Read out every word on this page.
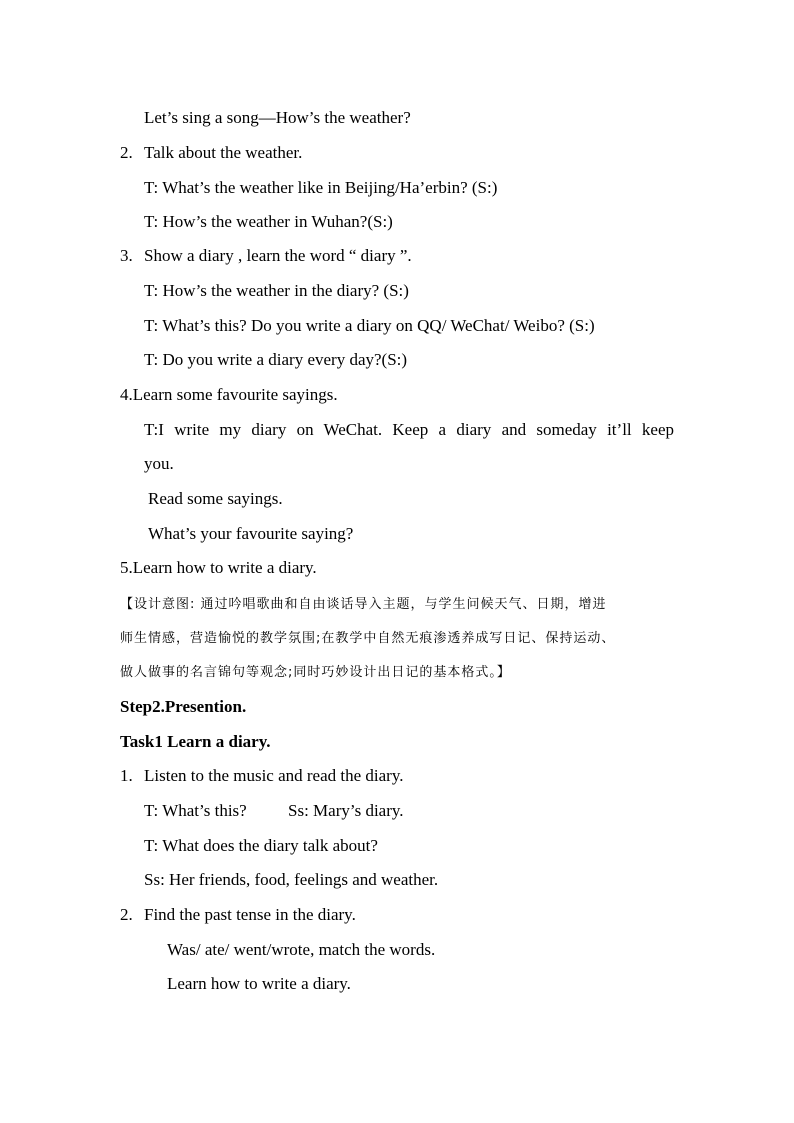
Let’s sing a song—How’s the weather?
2. Talk about the weather.
T: What’s the weather like in Beijing/Ha’erbin? (S:)
T: How’s the weather in Wuhan?(S:)
3. Show a diary , learn the word “ diary ”.
T: How’s the weather in the diary? (S:)
T: What’s this? Do you write a diary on QQ/ WeChat/ Weibo? (S:)
T: Do you write a diary every day?(S:)
4.Learn some favourite sayings.
T:I write my diary on WeChat. Keep a diary and someday it’ll keep
you.
Read some sayings.
What’s your favourite saying?
5.Learn how to write a diary.
【设计意图: 通过吟唱歌曲和自由谈话导入主题，与学生问候天气、日期，增进
师生情感，营造愉悦的教学氛围;在教学中自然无痕渗透养成写日记、保持运动、
做人做事的名言锦句等观念;同时巧妙设计出日记的基本格式。】
Step2.Presention.
Task1 Learn a diary.
1. Listen to the music and read the diary.
T: What’s this? Ss: Mary’s diary.
T: What does the diary talk about?
Ss: Her friends, food, feelings and weather.
2. Find the past tense in the diary.
Was/ ate/ went/wrote, match the words.
Learn how to write a diary.
